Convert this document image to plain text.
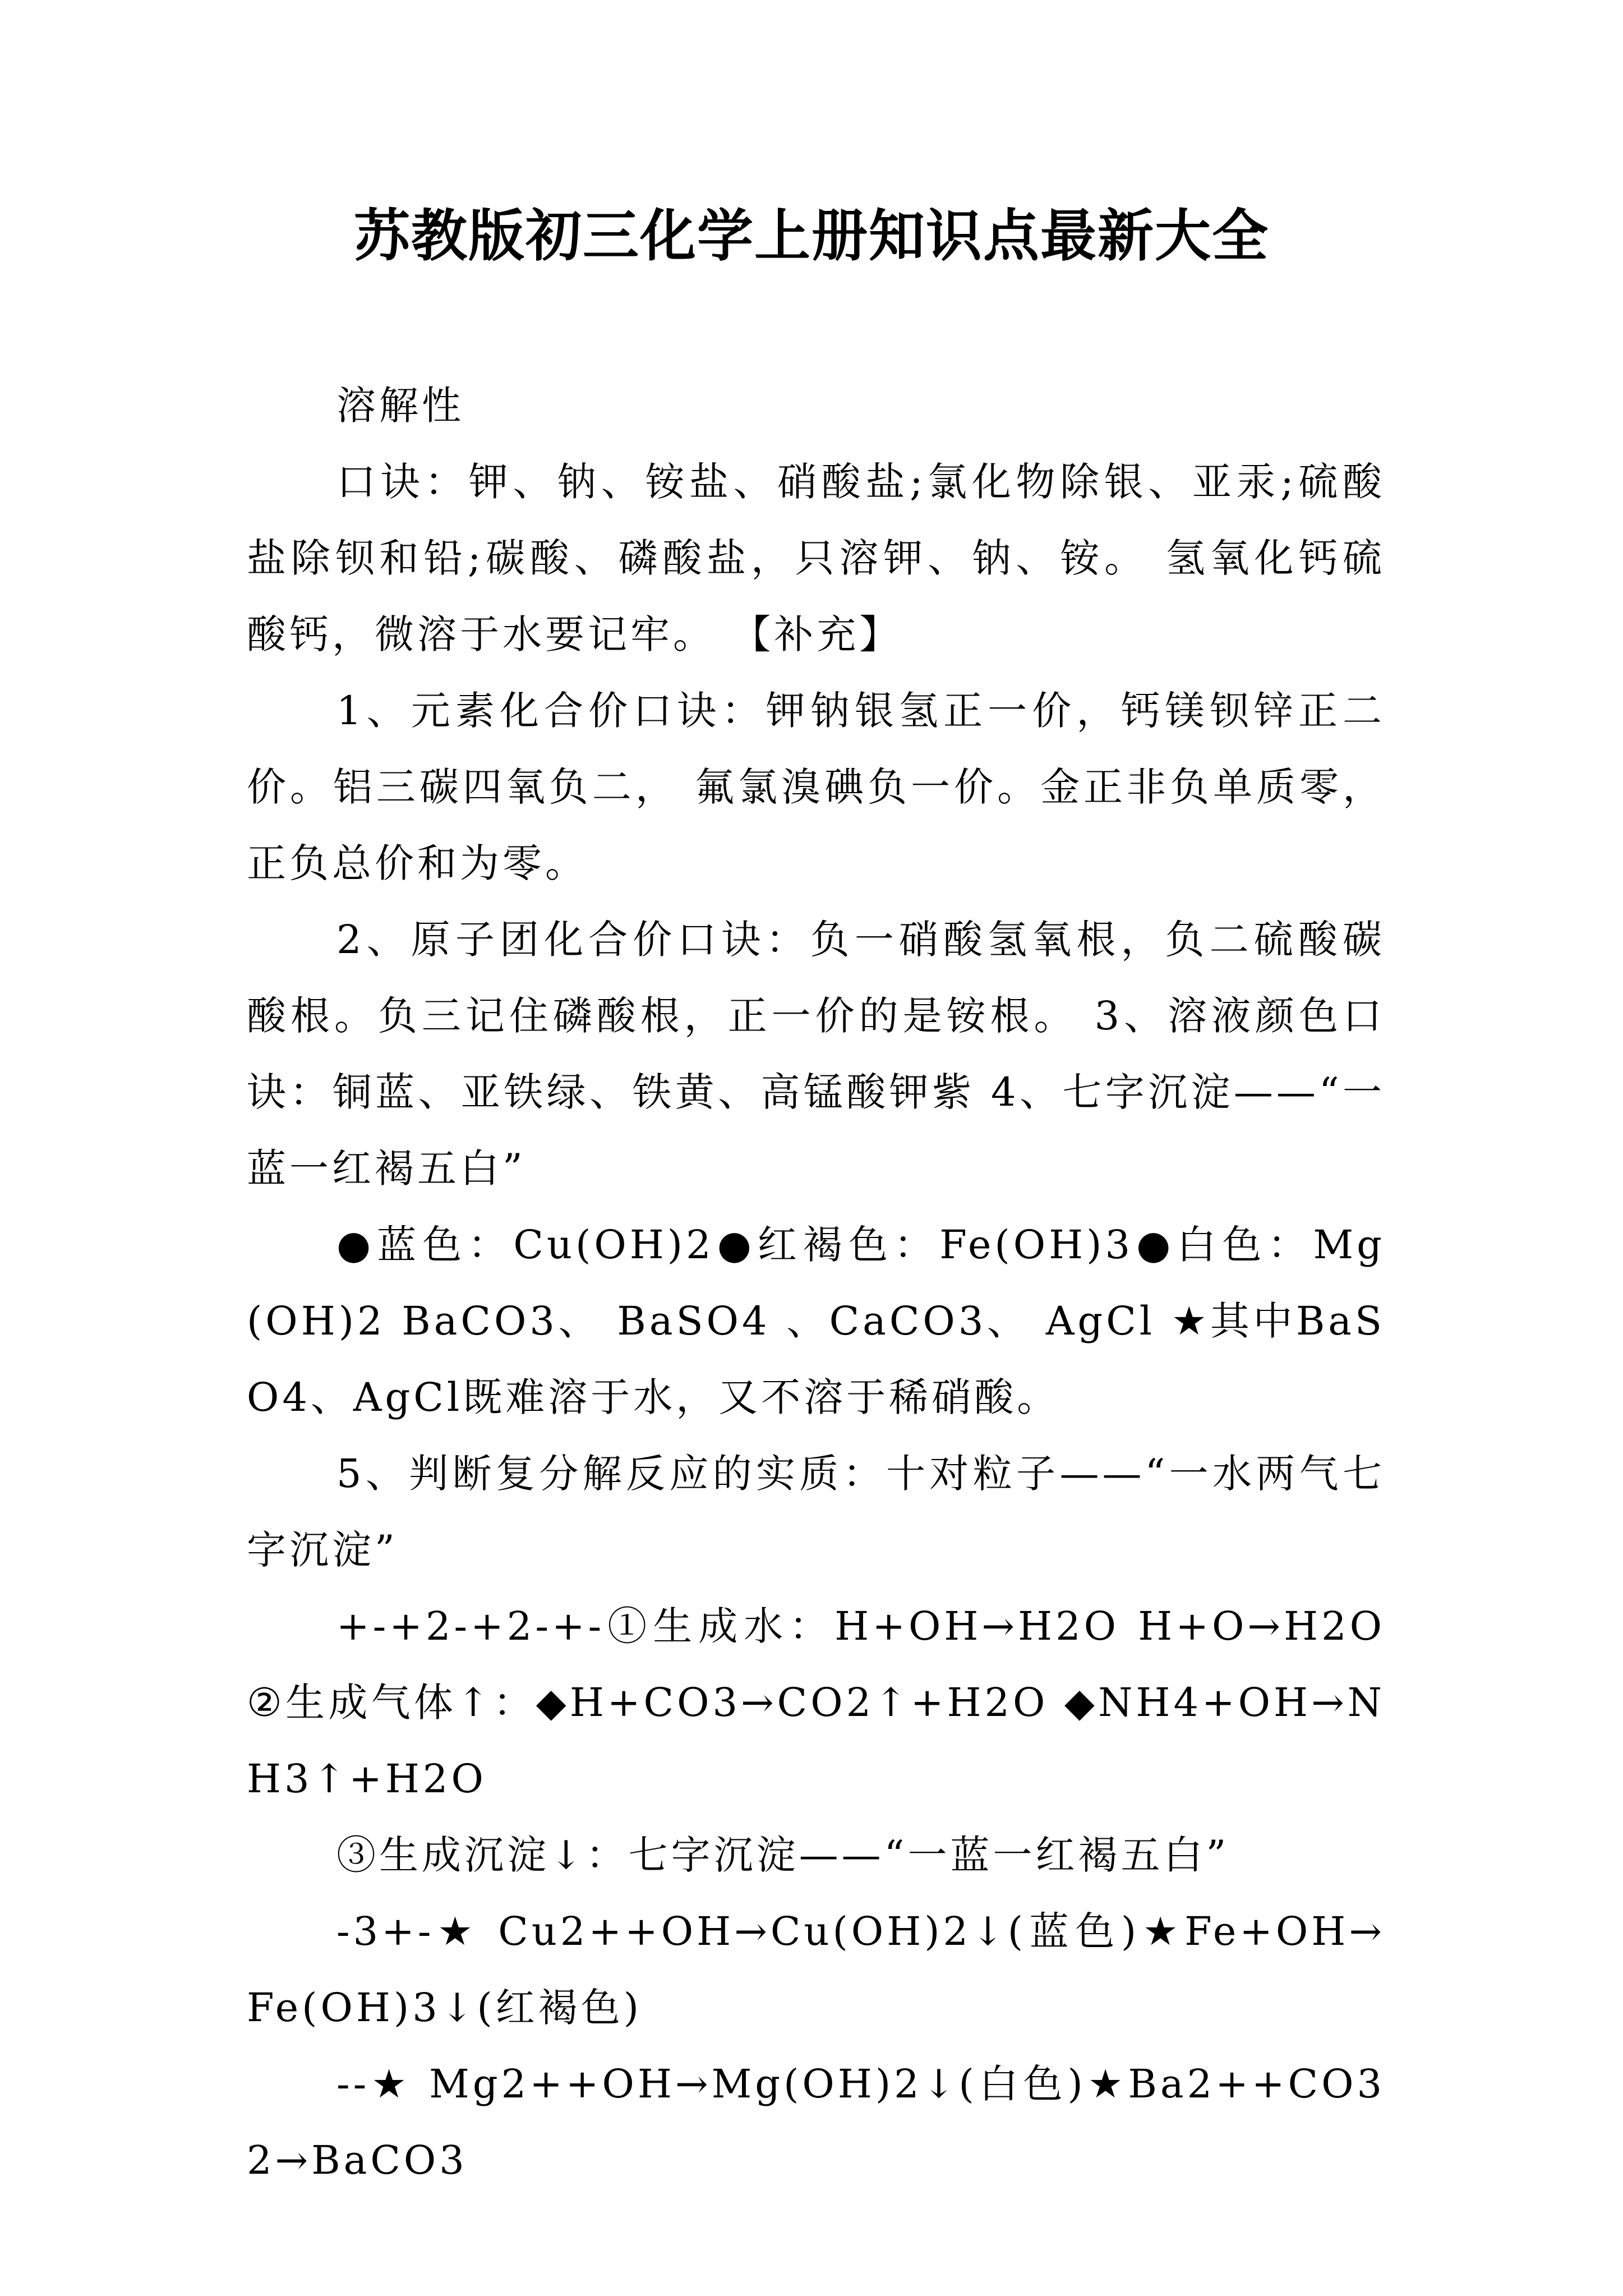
苏教版初三化学上册知识点最新大全

溶解性

口诀：钾、钠、铵盐、硝酸盐;氯化物除银、亚汞;硫酸盐除钡和铅;碳酸、磷酸盐，只溶钾、钠、铵。 氢氧化钙硫酸钙，微溶于水要记牢。 【补充】

1、元素化合价口诀：钾钠银氢正一价，钙镁钡锌正二价。铝三碳四氧负二， 氟氯溴碘负一价。金正非负单质零，正负总价和为零。

2、原子团化合价口诀：负一硝酸氢氧根，负二硫酸碳酸根。负三记住磷酸根，正一价的是铵根。 3、溶液颜色口诀：铜蓝、亚铁绿、铁黄、高锰酸钾紫 4、七字沉淀——“一蓝一红褐五白”

●蓝色：Cu(OH)2●红褐色：Fe(OH)3●白色：Mg(OH)2 BaCO3、 BaSO4 、CaCO3、 AgCl ★其中BaSO4、AgCl既难溶于水，又不溶于稀硝酸。

5、判断复分解反应的实质：十对粒子——“一水两气七字沉淀”

+-+2-+2-+-①生成水：H+OH→H2O H+O→H2O②生成气体↑：◆H+CO3→CO2↑+H2O ◆NH4+OH→NH3↑+H2O

③生成沉淀↓：七字沉淀——“一蓝一红褐五白”

-3+-★ Cu2++OH→Cu(OH)2↓(蓝色)★Fe+OH→Fe(OH)3↓(红褐色)

--★ Mg2++OH→Mg(OH)2↓(白色)★Ba2++CO32→BaCO3
